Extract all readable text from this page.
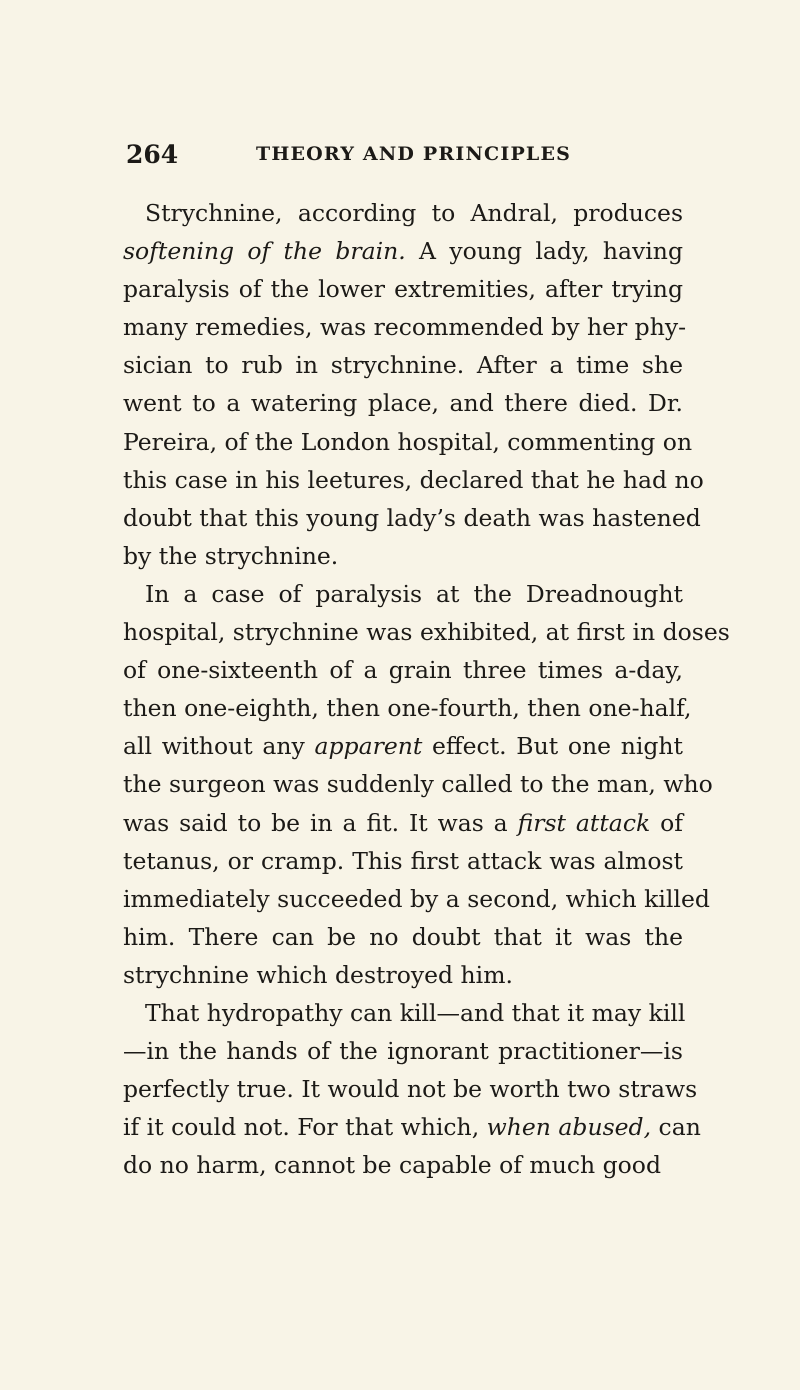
264	THEORY AND PRINCIPLES
Strychnine, according to Andral, produces
softening of the brain. A young lady, having
paralysis of the lower extremities, after trying
many remedies, was recommended by her phy-
sician to rub in strychnine. After a time she
went to a watering place, and there died. Dr.
Pereira, of the London hospital, commenting on
this case in his leetures, declared that he had no
doubt that this young lady’s death was hastened
by the strychnine.
In a case of paralysis at the Dreadnought
hospital, strychnine was exhibited, at first in doses
of one-sixteenth of a grain three times a-day,
then one-eighth, then one-fourth, then one-half,
all without any apparent effect. But one night
the surgeon was suddenly called to the man, who
was said to be in a fit. It was a first attack of
tetanus, or cramp. This first attack was almost
immediately succeeded by a second, which killed
him. There can be no doubt that it was the
strychnine which destroyed him.
That hydropathy can kill—and that it may kill
—in the hands of the ignorant practitioner—is
perfectly true. It would not be worth two straws
if it could not. For that which, when abused, can
do no harm, cannot be capable of much good
